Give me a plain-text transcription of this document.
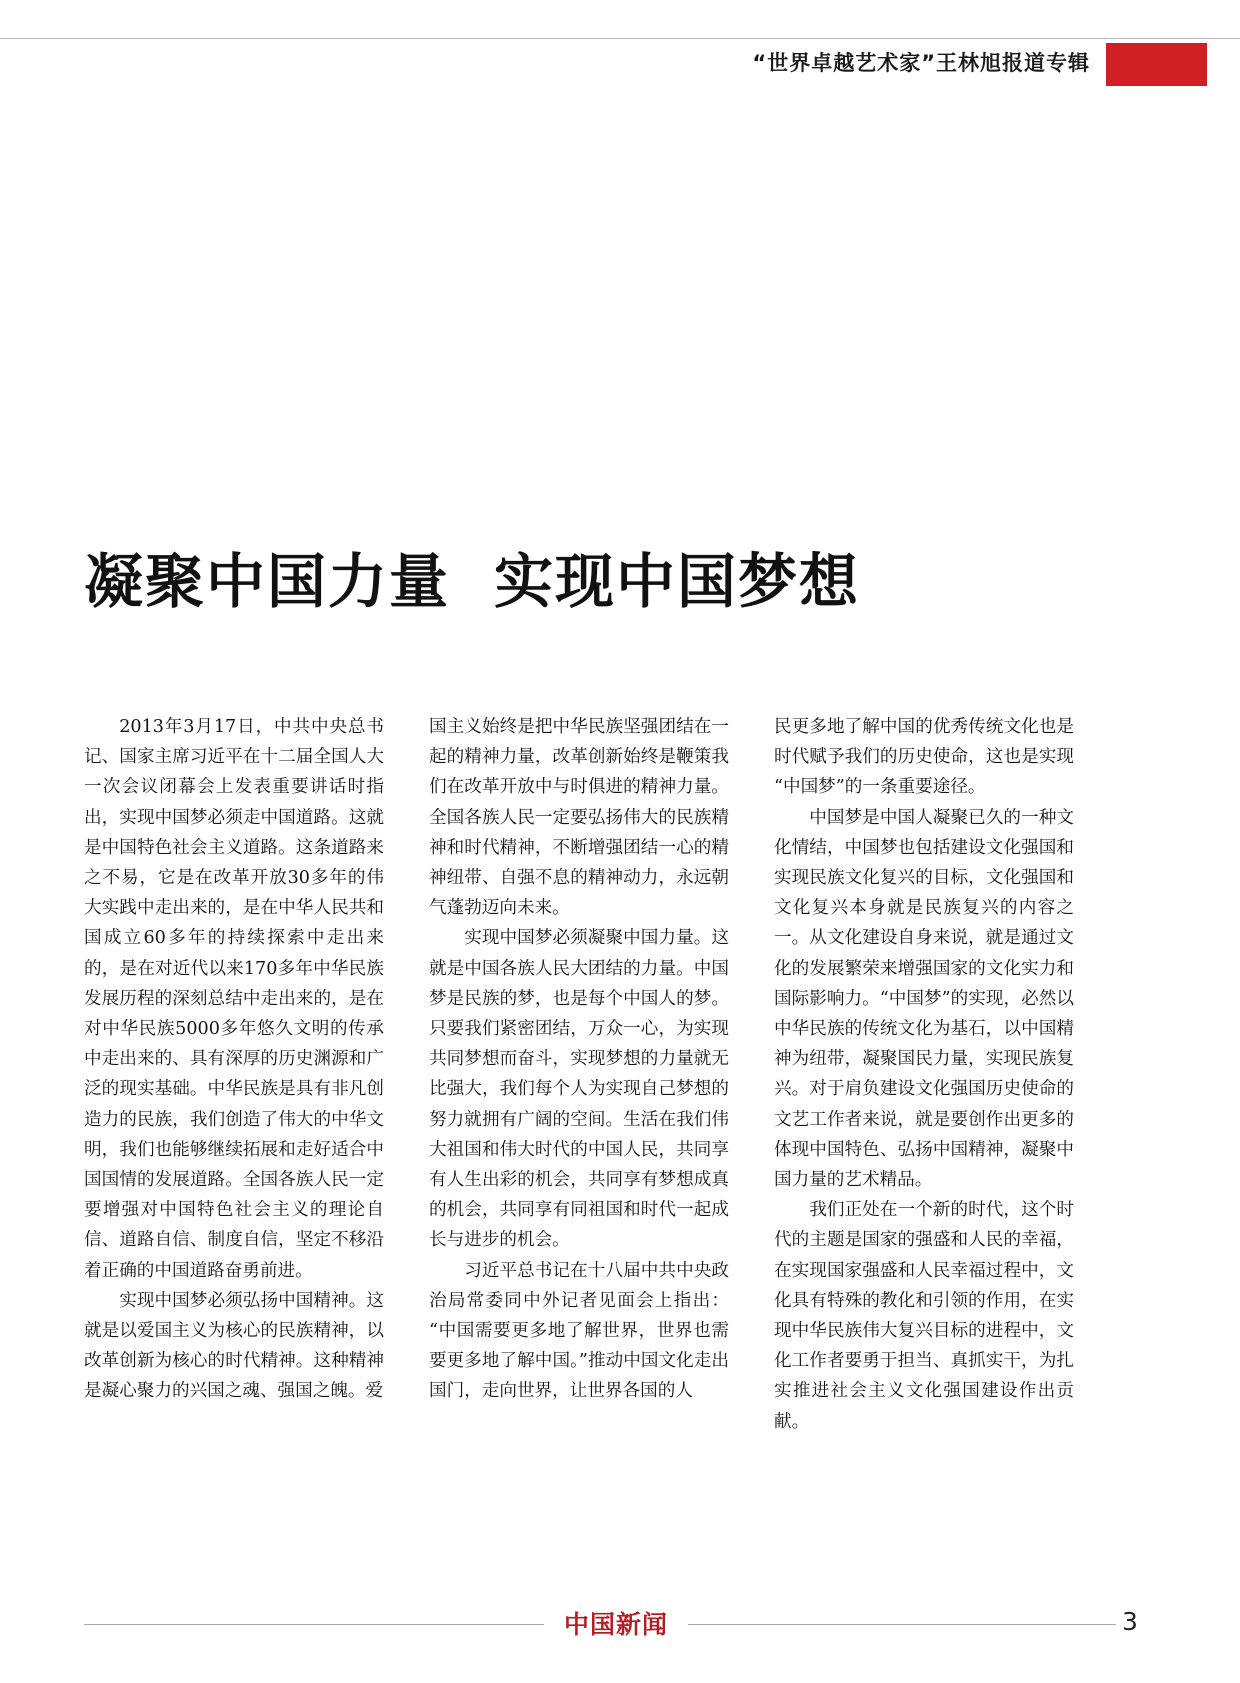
“世界卓越艺术家”王林旭报道专辑
凝聚中国力量 实现中国梦想

2013年3月17日，中共中央总书记、国家主席习近平在十二届全国人大一次会议闭幕会上发表重要讲话时指出，实现中国梦必须走中国道路。这就是中国特色社会主义道路。这条道路来之不易，它是在改革开放30多年的伟大实践中走出来的，是在中华人民共和国成立60多年的持续探索中走出来的，是在对近代以来170多年中华民族发展历程的深刻总结中走出来的，是在对中华民族5000多年悠久文明的传承中走出来的、具有深厚的历史渊源和广泛的现实基础。中华民族是具有非凡创造力的民族，我们创造了伟大的中华文明，我们也能够继续拓展和走好适合中国国情的发展道路。全国各族人民一定要增强对中国特色社会主义的理论自信、道路自信、制度自信，坚定不移沿着正确的中国道路奋勇前进。

实现中国梦必须弘扬中国精神。这就是以爱国主义为核心的民族精神，以改革创新为核心的时代精神。这种精神是凝心聚力的兴国之魂、强国之魄。爱

国主义始终是把中华民族坚强团结在一起的精神力量，改革创新始终是鞭策我们在改革开放中与时俱进的精神力量。全国各族人民一定要弘扬伟大的民族精神和时代精神，不断增强团结一心的精神纽带、自强不息的精神动力，永远朝气蓬勃迈向未来。

实现中国梦必须凝聚中国力量。这就是中国各族人民大团结的力量。中国梦是民族的梦，也是每个中国人的梦。只要我们紧密团结，万众一心，为实现共同梦想而奋斗，实现梦想的力量就无比强大，我们每个人为实现自己梦想的努力就拥有广阔的空间。生活在我们伟大祖国和伟大时代的中国人民，共同享有人生出彩的机会，共同享有梦想成真的机会，共同享有同祖国和时代一起成长与进步的机会。

习近平总书记在十八届中共中央政治局常委同中外记者见面会上指出：“中国需要更多地了解世界，世界也需要更多地了解中国。”推动中国文化走出国门，走向世界，让世界各国的人

民更多地了解中国的优秀传统文化也是时代赋予我们的历史使命，这也是实现“中国梦”的一条重要途径。

中国梦是中国人凝聚已久的一种文化情结，中国梦也包括建设文化强国和实现民族文化复兴的目标，文化强国和文化复兴本身就是民族复兴的内容之一。从文化建设自身来说，就是通过文化的发展繁荣来增强国家的文化实力和国际影响力。“中国梦”的实现，必然以中华民族的传统文化为基石，以中国精神为纽带，凝聚国民力量，实现民族复兴。对于肩负建设文化强国历史使命的文艺工作者来说，就是要创作出更多的体现中国特色、弘扬中国精神，凝聚中国力量的艺术精品。

我们正处在一个新的时代，这个时代的主题是国家的强盛和人民的幸福，在实现国家强盛和人民幸福过程中，文化具有特殊的教化和引领的作用，在实现中华民族伟大复兴目标的进程中，文化工作者要勇于担当、真抓实干，为扎实推进社会主义文化强国建设作出贡献。

中国新闻	3
